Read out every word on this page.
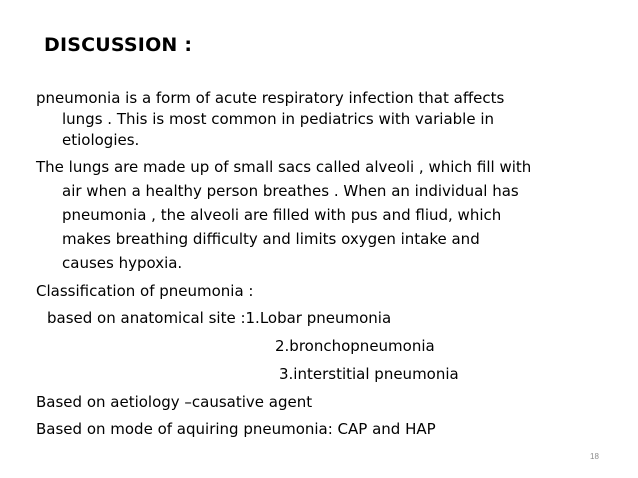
DISCUSSION :
pneumonia is a form of acute respiratory infection that affects
lungs . This is most common in pediatrics with variable in
etiologies.
The lungs are made up of small sacs called alveoli , which fill with
air when a healthy person breathes . When an individual has
pneumonia , the alveoli are filled with pus and fliud, which
makes breathing difficulty and limits oxygen intake and
causes hypoxia.
Classification of pneumonia :
based on anatomical site :1.Lobar pneumonia
2.bronchopneumonia
3.interstitial pneumonia
Based on aetiology –causative agent
Based on mode of aquiring pneumonia: CAP and HAP
18
